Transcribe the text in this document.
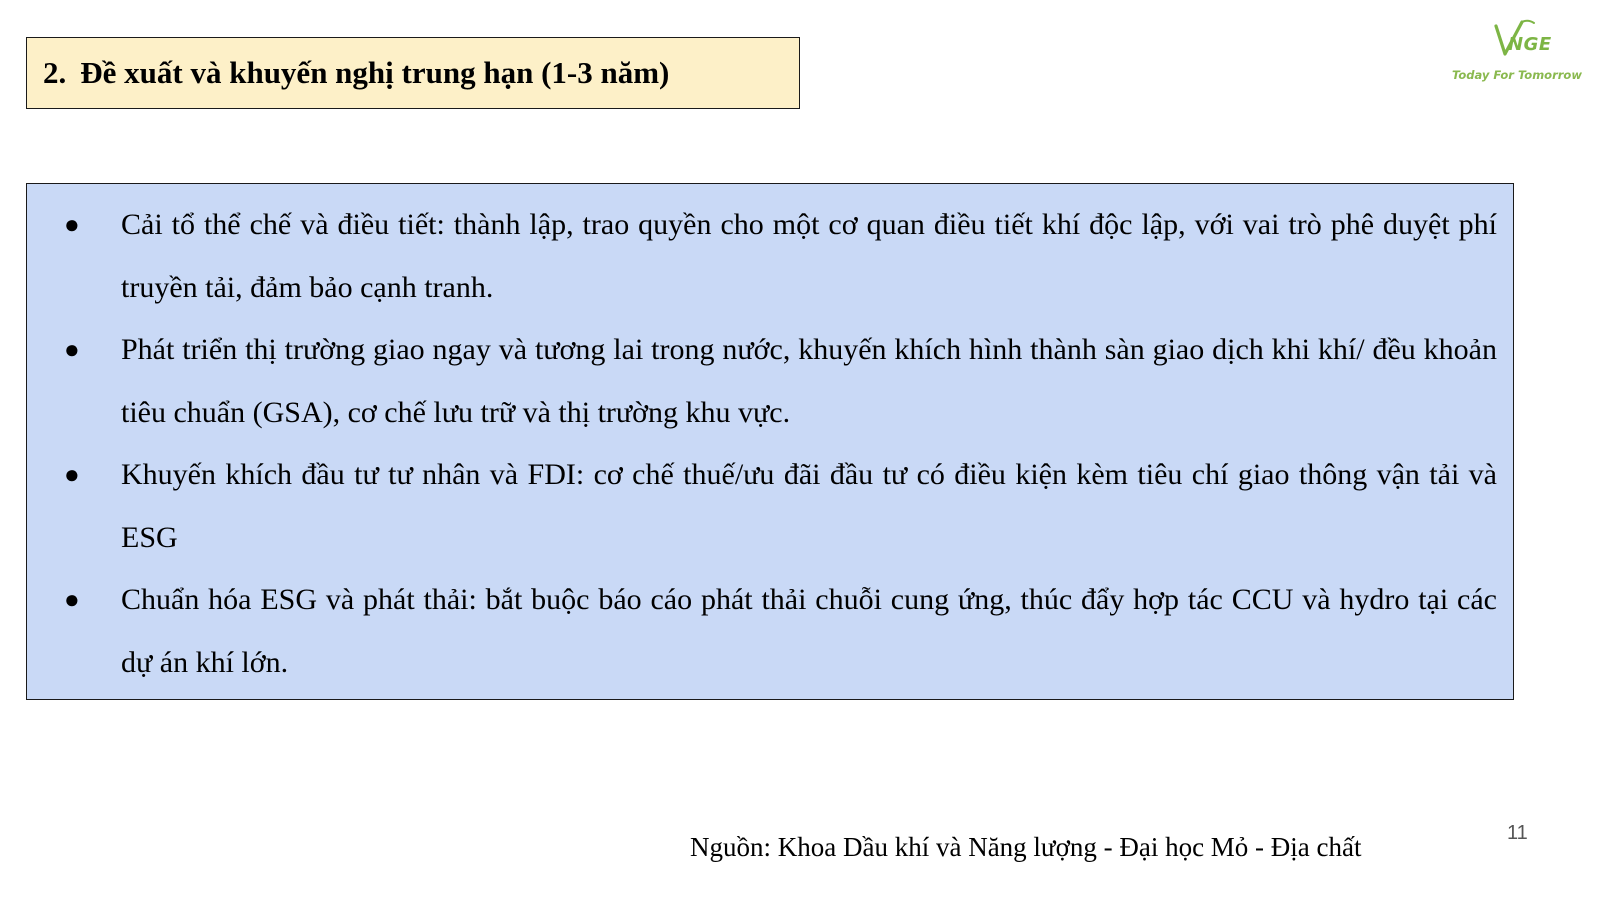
2. Đề xuất và khuyến nghị trung hạn (1-3 năm)
NGE
Today For Tomorrow
● Cải tổ thể chế và điều tiết: thành lập, trao quyền cho một cơ quan điều tiết khí độc lập, với vai trò phê duyệt phí truyền tải, đảm bảo cạnh tranh.
● Phát triển thị trường giao ngay và tương lai trong nước, khuyến khích hình thành sàn giao dịch khi khí/ đều khoản tiêu chuẩn (GSA), cơ chế lưu trữ và thị trường khu vực.
● Khuyến khích đầu tư tư nhân và FDI: cơ chế thuế/ưu đãi đầu tư có điều kiện kèm tiêu chí giao thông vận tải và ESG
● Chuẩn hóa ESG và phát thải: bắt buộc báo cáo phát thải chuỗi cung ứng, thúc đẩy hợp tác CCU và hydro tại các dự án khí lớn.
Nguồn: Khoa Dầu khí và Năng lượng - Đại học Mỏ - Địa chất	11
